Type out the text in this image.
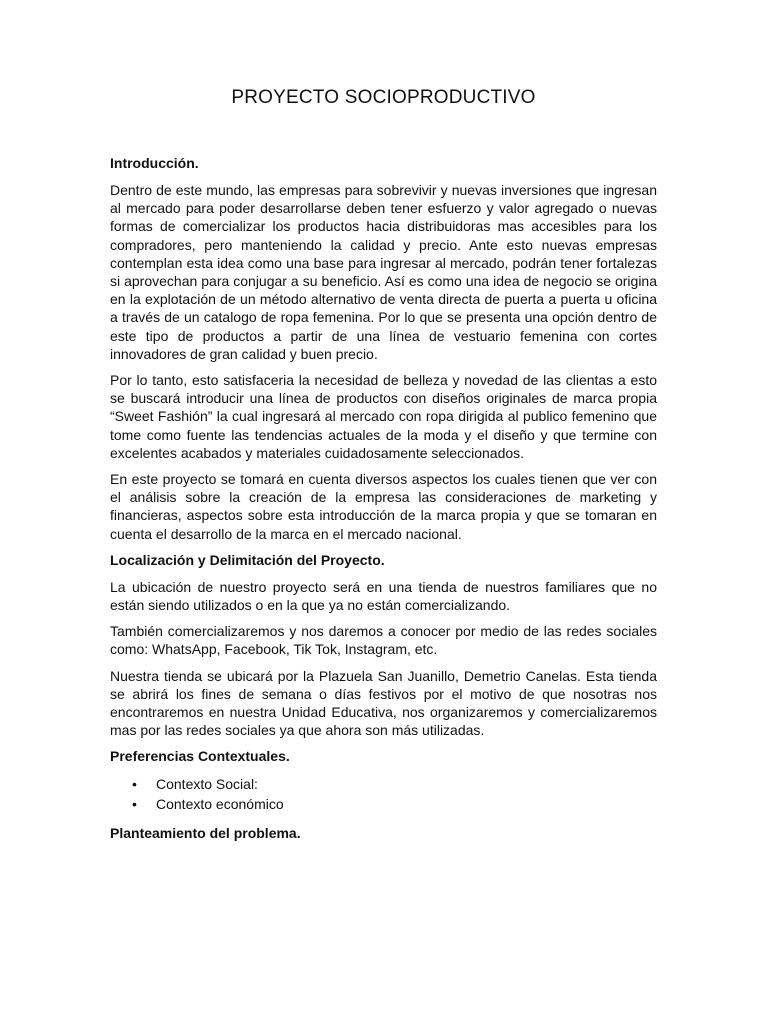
PROYECTO SOCIOPRODUCTIVO

Introducción.

Dentro de este mundo, las empresas para sobrevivir y nuevas inversiones que ingresan al mercado para poder desarrollarse deben tener esfuerzo y valor agregado o nuevas formas de comercializar los productos hacia distribuidoras mas accesibles para los compradores, pero manteniendo la calidad y precio. Ante esto nuevas empresas contemplan esta idea como una base para ingresar al mercado, podrán tener fortalezas si aprovechan para conjugar a su beneficio. Así es como una idea de negocio se origina en la explotación de un método alternativo de venta directa de puerta a puerta u oficina a través de un catalogo de ropa femenina. Por lo que se presenta una opción dentro de este tipo de productos a partir de una línea de vestuario femenina con cortes innovadores de gran calidad y buen precio.

Por lo tanto, esto satisfaceria la necesidad de belleza y novedad de las clientas a esto se buscará introducir una línea de productos con diseños originales de marca propia “Sweet Fashión” la cual ingresará al mercado con ropa dirigida al publico femenino que tome como fuente las tendencias actuales de la moda y el diseño y que termine con excelentes acabados y materiales cuidadosamente seleccionados.

En este proyecto se tomará en cuenta diversos aspectos los cuales tienen que ver con el análisis sobre la creación de la empresa las consideraciones de marketing y financieras, aspectos sobre esta introducción de la marca propia y que se tomaran en cuenta el desarrollo de la marca en el mercado nacional.

Localización y Delimitación del Proyecto.

La ubicación de nuestro proyecto será en una tienda de nuestros familiares que no están siendo utilizados o en la que ya no están comercializando.

También comercializaremos y nos daremos a conocer por medio de las redes sociales como: WhatsApp, Facebook, Tik Tok, Instagram, etc.

Nuestra tienda se ubicará por la Plazuela San Juanillo, Demetrio Canelas. Esta tienda se abrirá los fines de semana o días festivos por el motivo de que nosotras nos encontraremos en nuestra Unidad Educativa, nos organizaremos y comercializaremos mas por las redes sociales ya que ahora son más utilizadas.

Preferencias Contextuales.

• Contexto Social:
• Contexto económico

Planteamiento del problema.
